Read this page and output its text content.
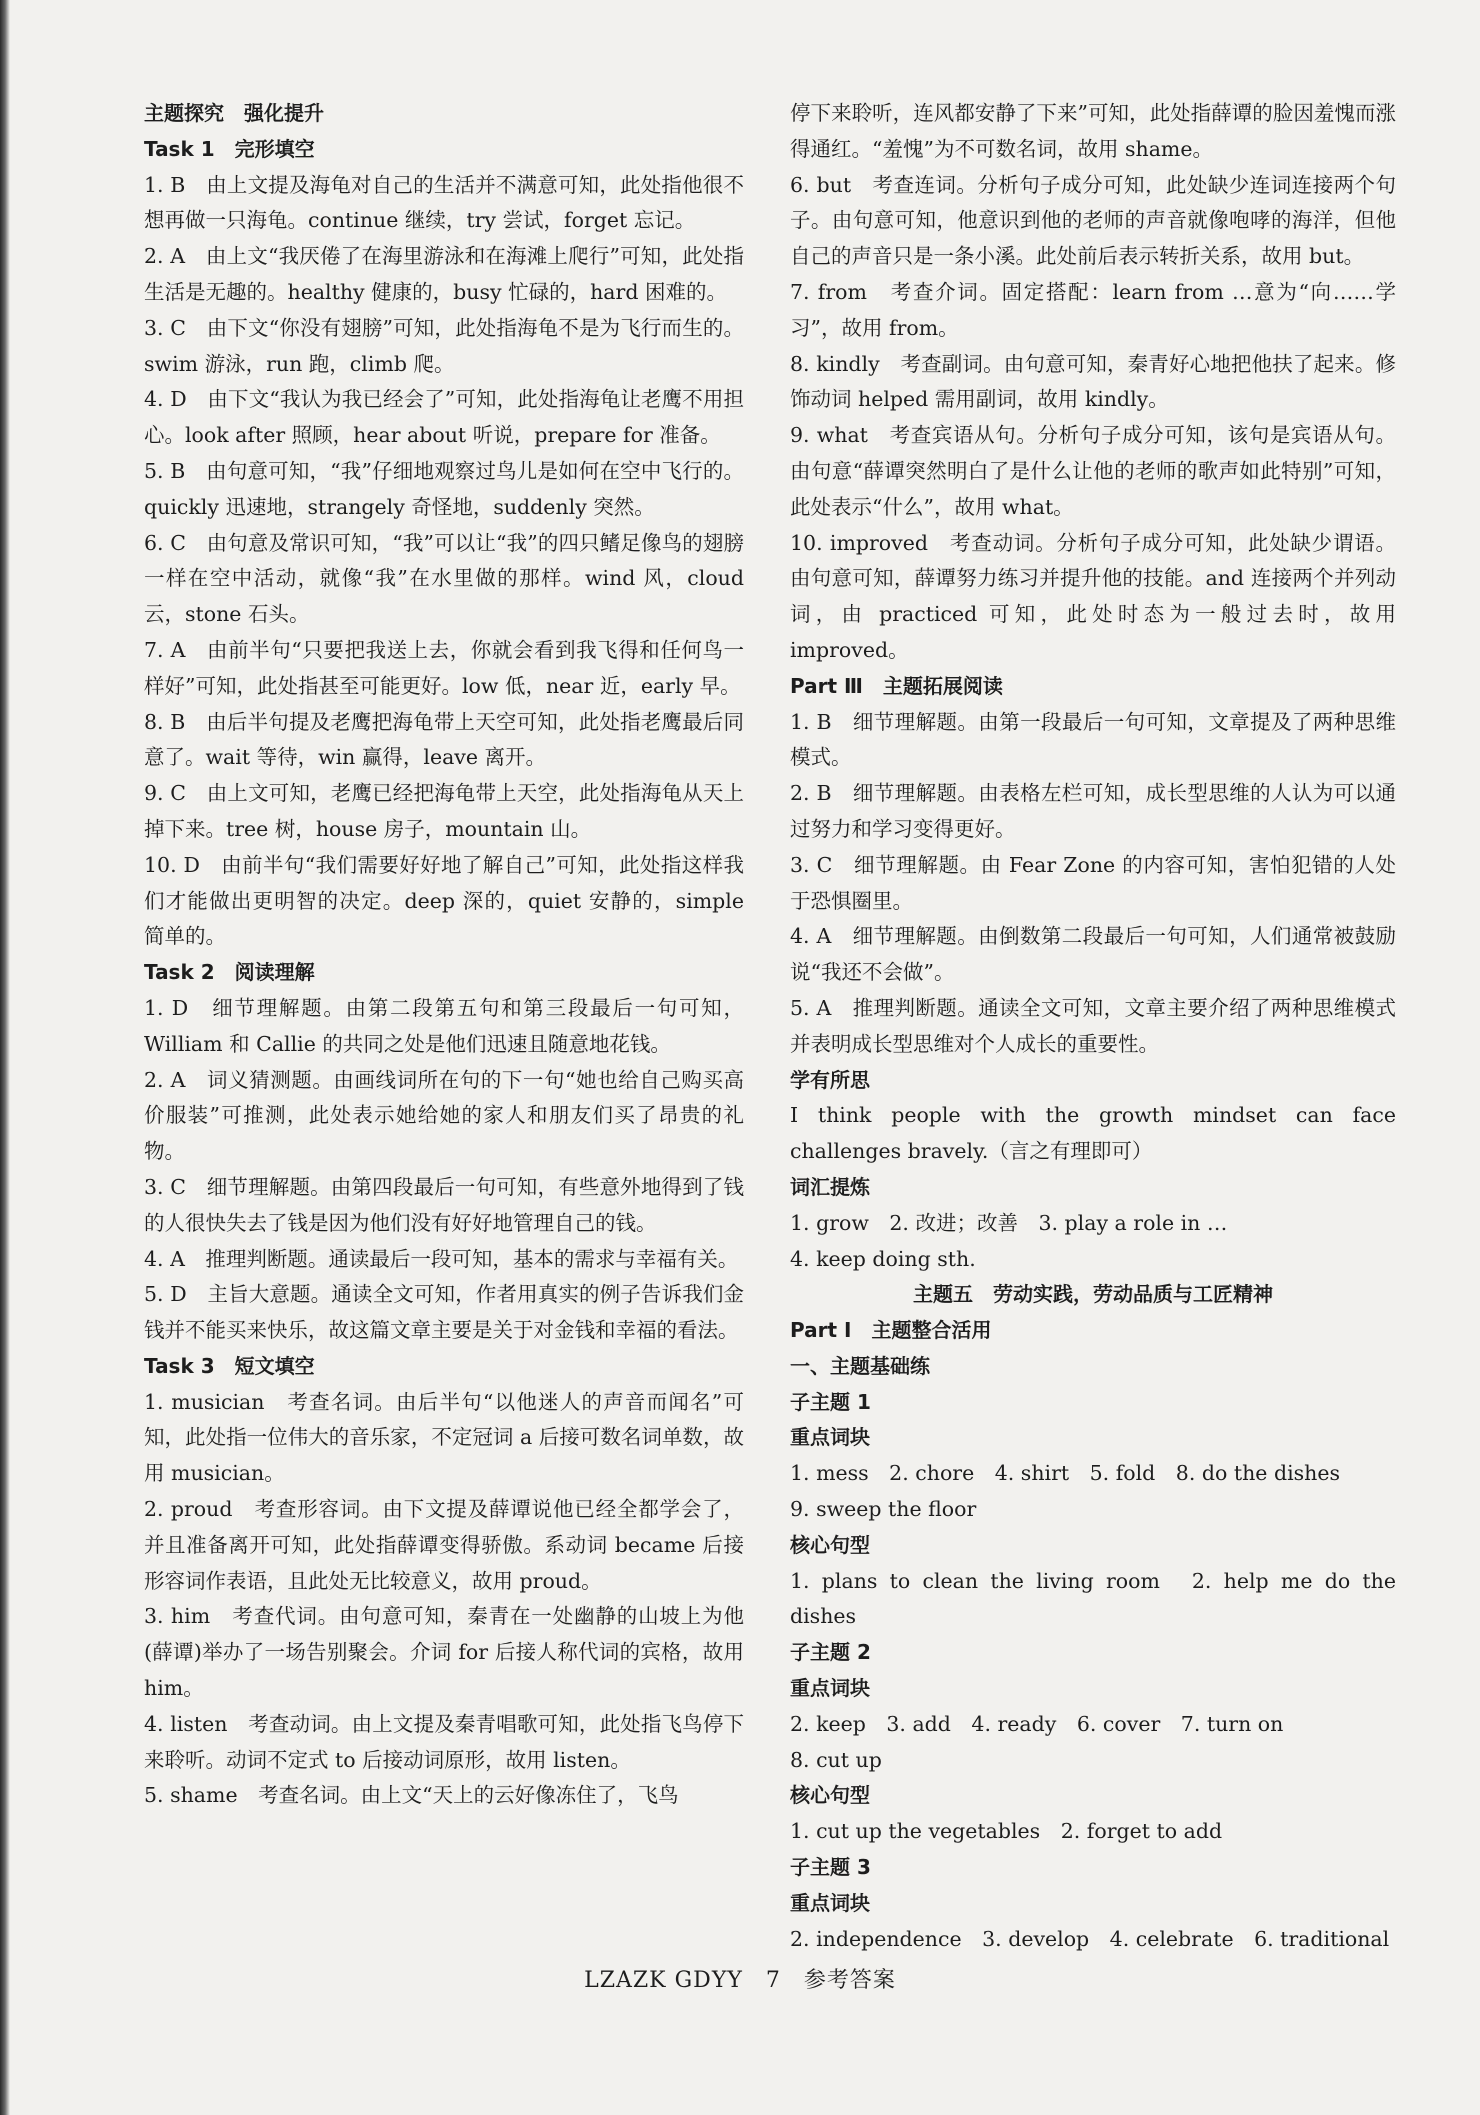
主题探究　强化提升
Task 1　完形填空
1. B　由上文提及海龟对自己的生活并不满意可知，此处指他很不想再做一只海龟。continue 继续，try 尝试，forget 忘记。
2. A　由上文“我厌倦了在海里游泳和在海滩上爬行”可知，此处指生活是无趣的。healthy 健康的，busy 忙碌的，hard 困难的。
3. C　由下文“你没有翅膀”可知，此处指海龟不是为飞行而生的。swim 游泳，run 跑，climb 爬。
4. D　由下文“我认为我已经会了”可知，此处指海龟让老鹰不用担心。look after 照顾，hear about 听说，prepare for 准备。
5. B　由句意可知，“我”仔细地观察过鸟儿是如何在空中飞行的。quickly 迅速地，strangely 奇怪地，suddenly 突然。
6. C　由句意及常识可知，“我”可以让“我”的四只鳍足像鸟的翅膀一样在空中活动，就像“我”在水里做的那样。wind 风，cloud 云，stone 石头。
7. A　由前半句“只要把我送上去，你就会看到我飞得和任何鸟一样好”可知，此处指甚至可能更好。low 低，near 近，early 早。
8. B　由后半句提及老鹰把海龟带上天空可知，此处指老鹰最后同意了。wait 等待，win 赢得，leave 离开。
9. C　由上文可知，老鹰已经把海龟带上天空，此处指海龟从天上掉下来。tree 树，house 房子，mountain 山。
10. D　由前半句“我们需要好好地了解自己”可知，此处指这样我们才能做出更明智的决定。deep 深的，quiet 安静的，simple 简单的。
Task 2　阅读理解
1. D　细节理解题。由第二段第五句和第三段最后一句可知，William 和 Callie 的共同之处是他们迅速且随意地花钱。
2. A　词义猜测题。由画线词所在句的下一句“她也给自己购买高价服装”可推测，此处表示她给她的家人和朋友们买了昂贵的礼物。
3. C　细节理解题。由第四段最后一句可知，有些意外地得到了钱的人很快失去了钱是因为他们没有好好地管理自己的钱。
4. A　推理判断题。通读最后一段可知，基本的需求与幸福有关。
5. D　主旨大意题。通读全文可知，作者用真实的例子告诉我们金钱并不能买来快乐，故这篇文章主要是关于对金钱和幸福的看法。
Task 3　短文填空
1. musician　考查名词。由后半句“以他迷人的声音而闻名”可知，此处指一位伟大的音乐家，不定冠词 a 后接可数名词单数，故用 musician。
2. proud　考查形容词。由下文提及薛谭说他已经全都学会了，并且准备离开可知，此处指薛谭变得骄傲。系动词 became 后接形容词作表语，且此处无比较意义，故用 proud。
3. him　考查代词。由句意可知，秦青在一处幽静的山坡上为他(薛谭)举办了一场告别聚会。介词 for 后接人称代词的宾格，故用 him。
4. listen　考查动词。由上文提及秦青唱歌可知，此处指飞鸟停下来聆听。动词不定式 to 后接动词原形，故用 listen。
5. shame　考查名词。由上文“天上的云好像冻住了，飞鸟
停下来聆听，连风都安静了下来”可知，此处指薛谭的脸因羞愧而涨得通红。“羞愧”为不可数名词，故用 shame。
6. but　考查连词。分析句子成分可知，此处缺少连词连接两个句子。由句意可知，他意识到他的老师的声音就像咆哮的海洋，但他自己的声音只是一条小溪。此处前后表示转折关系，故用 but。
7. from　考查介词。固定搭配：learn from …意为“向……学习”，故用 from。
8. kindly　考查副词。由句意可知，秦青好心地把他扶了起来。修饰动词 helped 需用副词，故用 kindly。
9. what　考查宾语从句。分析句子成分可知，该句是宾语从句。由句意“薛谭突然明白了是什么让他的老师的歌声如此特别”可知，此处表示“什么”，故用 what。
10. improved　考查动词。分析句子成分可知，此处缺少谓语。由句意可知，薛谭努力练习并提升他的技能。and 连接两个并列动词，由 practiced 可知，此处时态为一般过去时，故用 improved。
Part Ⅲ　主题拓展阅读
1. B　细节理解题。由第一段最后一句可知，文章提及了两种思维模式。
2. B　细节理解题。由表格左栏可知，成长型思维的人认为可以通过努力和学习变得更好。
3. C　细节理解题。由 Fear Zone 的内容可知，害怕犯错的人处于恐惧圈里。
4. A　细节理解题。由倒数第二段最后一句可知，人们通常被鼓励说“我还不会做”。
5. A　推理判断题。通读全文可知，文章主要介绍了两种思维模式并表明成长型思维对个人成长的重要性。
学有所思
I think people with the growth mindset can face challenges bravely.（言之有理即可）
词汇提炼
1. grow　2. 改进；改善　3. play a role in …
4. keep doing sth.
主题五　劳动实践，劳动品质与工匠精神
Part Ⅰ　主题整合活用
一、主题基础练
子主题 1
重点词块
1. mess　2. chore　4. shirt　5. fold　8. do the dishes
9. sweep the floor
核心句型
1. plans to clean the living room　2. help me do the dishes
子主题 2
重点词块
2. keep　3. add　4. ready　6. cover　7. turn on
8. cut up
核心句型
1. cut up the vegetables　2. forget to add
子主题 3
重点词块
2. independence　3. develop　4. celebrate　6. traditional
LZAZK GDYY　7　参考答案
